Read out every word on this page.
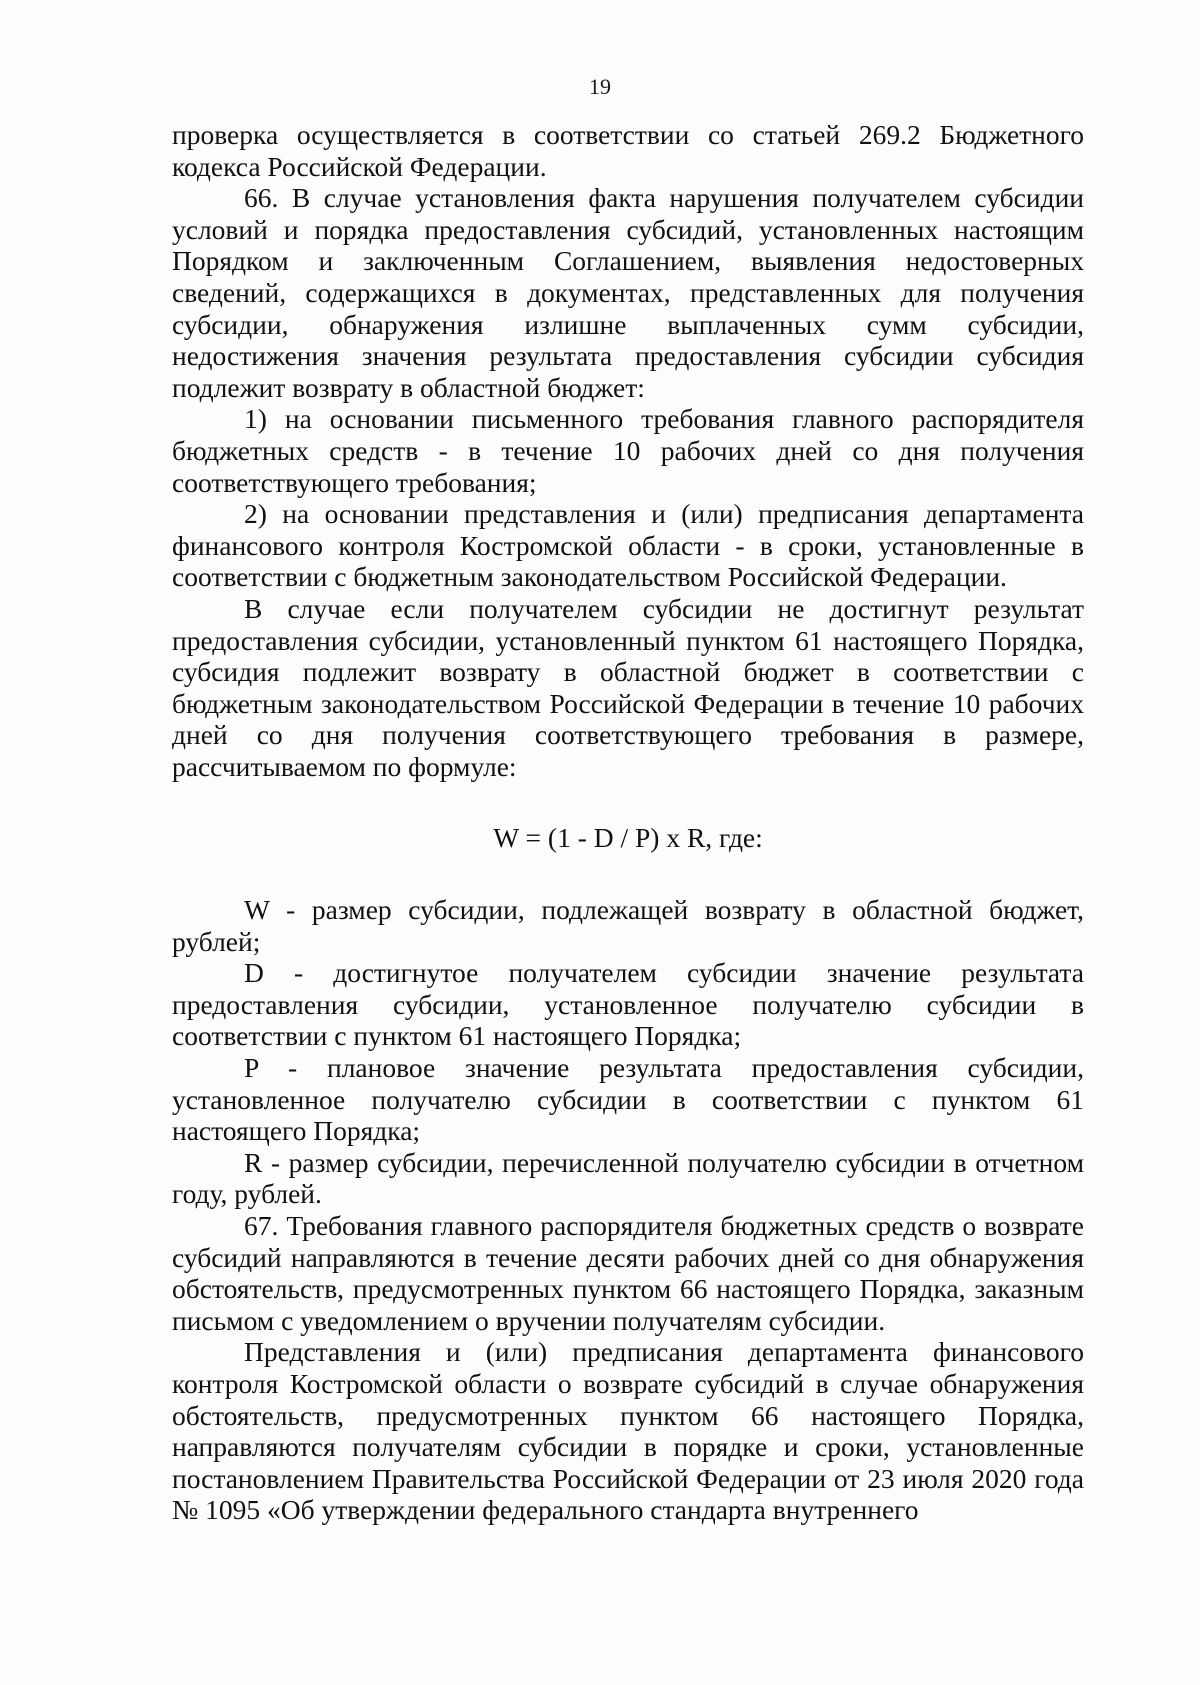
19

проверка осуществляется в соответствии со статьей 269.2 Бюджетного кодекса Российской Федерации.

66. В случае установления факта нарушения получателем субсидии условий и порядка предоставления субсидий, установленных настоящим Порядком и заключенным Соглашением, выявления недостоверных сведений, содержащихся в документах, представленных для получения субсидии, обнаружения излишне выплаченных сумм субсидии, недостижения значения результата предоставления субсидии субсидия подлежит возврату в областной бюджет:

1) на основании письменного требования главного распорядителя бюджетных средств - в течение 10 рабочих дней со дня получения соответствующего требования;

2) на основании представления и (или) предписания департамента финансового контроля Костромской области - в сроки, установленные в соответствии с бюджетным законодательством Российской Федерации.

В случае если получателем субсидии не достигнут результат предоставления субсидии, установленный пунктом 61 настоящего Порядка, субсидия подлежит возврату в областной бюджет в соответствии с бюджетным законодательством Российской Федерации в течение 10 рабочих дней со дня получения соответствующего требования в размере, рассчитываемом по формуле:

W = (1 - D / P) x R, где:

W - размер субсидии, подлежащей возврату в областной бюджет, рублей;

D - достигнутое получателем субсидии значение результата предоставления субсидии, установленное получателю субсидии в соответствии с пунктом 61 настоящего Порядка;

P - плановое значение результата предоставления субсидии, установленное получателю субсидии в соответствии с пунктом 61 настоящего Порядка;

R - размер субсидии, перечисленной получателю субсидии в отчетном году, рублей.

67. Требования главного распорядителя бюджетных средств о возврате субсидий направляются в течение десяти рабочих дней со дня обнаружения обстоятельств, предусмотренных пунктом 66 настоящего Порядка, заказным письмом с уведомлением о вручении получателям субсидии.

Представления и (или) предписания департамента финансового контроля Костромской области о возврате субсидий в случае обнаружения обстоятельств, предусмотренных пунктом 66 настоящего Порядка, направляются получателям субсидии в порядке и сроки, установленные постановлением Правительства Российской Федерации от 23 июля 2020 года № 1095 «Об утверждении федерального стандарта внутреннего
